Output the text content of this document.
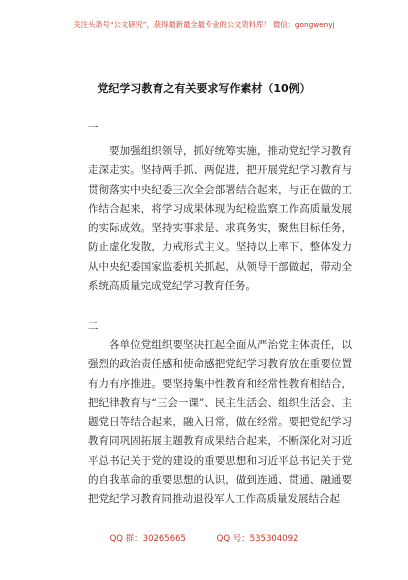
关注头条号“公文研究”，获得最新最全最专业的公文资料库！ 微信：gongwenyj
党纪学习教育之有关要求写作素材（10例）
一

要加强组织领导，抓好统筹实施，推动党纪学习教育走深走实。坚持两手抓、两促进，把开展党纪学习教育与贯彻落实中央纪委三次全会部署结合起来，与正在做的工作结合起来，将学习成果体现为纪检监察工作高质量发展的实际成效。坚持实事求是、求真务实，聚焦目标任务，防止虚化发散，力戒形式主义。坚持以上率下、整体发力从中央纪委国家监委机关抓起，从领导干部做起，带动全系统高质量完成党纪学习教育任务。

二

各单位党组织要坚决扛起全面从严治党主体责任，以强烈的政治责任感和使命感把党纪学习教育放在重要位置有力有序推进。要坚持集中性教育和经常性教育相结合，把纪律教育与“三会一课”、民主生活会、组织生活会、主题党日等结合起来，融入日常，做在经常。要把党纪学习教育同巩固拓展主题教育成果结合起来，不断深化对习近平总书记关于党的建设的重要思想和习近平总书记关于党的自我革命的重要思想的认识，做到连通、贯通、融通要把党纪学习教育同推动退役军人工作高质量发展结合起

QQ 群：30265665	QQ 号：535304092
